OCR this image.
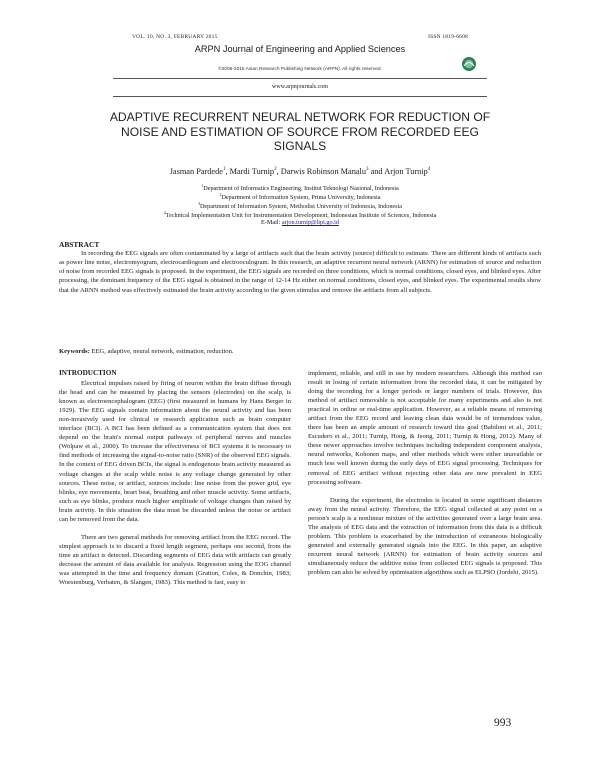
VOL. 10, NO. 3, FEBRUARY 2015	ISSN 1819-6608
ARPN Journal of Engineering and Applied Sciences
©2006-2015 Asian Research Publishing Network (ARPN). All rights reserved.
www.arpnjournals.com
ADAPTIVE RECURRENT NEURAL NETWORK FOR REDUCTION OF NOISE AND ESTIMATION OF SOURCE FROM RECORDED EEG SIGNALS
Jasman Pardede$^1$, Mardi Turnip$^2$, Darwis Robinson Manalu$^3$ and Arjon Turnip$^4$
$^1$Department of Informatics Engineering, Institut Teknologi Nasional, Indonesia
$^2$Department of Information System, Prima University, Indonesia
$^3$Department of Information System, Methodist University of Indonesia, Indonesia
$^4$Technical Implementation Unit for Instrumentation Development, Indonesian Institute of Sciences, Indonesia
E-Mail: arjon.turnip@lipi.go.id
ABSTRACT

In recording the EEG signals are often contaminated by a large of artifacts such that the brain activity (source) difficult to estimate. There are different kinds of artifacts such as power line noise, electromyogram, electrocardiogram and electrooculogram. In this research, an adaptive recurrent neural network (ARNN) for estimation of source and reduction of noise from recorded EEG signals is proposed. In the experiment, the EEG signals are recorded on three conditions, which is normal conditions, closed eyes, and blinked eyes. After processing, the dominant frequency of the EEG signal is obtained in the range of 12-14 Hz either on normal conditions, closed eyes, and blinked eyes. The experimental results show that the ARNN method was effectively estimated the brain activity according to the given stimulus and remove the artifacts from all subjects.

Keywords: EEG, adaptive, neural network, estimation, reduction.

INTRODUCTION

Electrical impulses raised by firing of neuron within the brain diffuse through the head and can be measured by placing the sensors (electrodes) on the scalp, is known as electroencephalogram (EEG) (first measured in humans by Hans Berger in 1929). The EEG signals contain information about the neural activity and has been non-invasively used for clinical or research application such as brain computer interface (BCI). A BCI has been defined as a communication system that does not depend on the brain's normal output pathways of peripheral nerves and muscles (Wolpaw et al., 2000). To increase the effectiveness of BCI systems it is necessary to find methods of increasing the signal-to-noise ratio (SNR) of the observed EEG signals. In the context of EEG driven BCIs, the signal is endogenous brain activity measured as voltage changes at the scalp while noise is any voltage change generated by other sources. These noise, or artifact, sources include: line noise from the power grid, eye blinks, eye movements, heart beat, breathing and other muscle activity. Some artifacts, such as eye blinks, produce much higher amplitude of voltage changes than raised by brain activity. In this situation the data must be discarded unless the noise or artifact can be removed from the data.

There are two general methods for removing artifact from the EEG record. The simplest approach is to discard a fixed length segment, perhaps one second, from the time an artifact is detected. Discarding segments of EEG data with artifacts can greatly decrease the amount of data available for analysis. Regression using the EOG channel was attempted in the time and frequency domain (Gratton, Coles, & Donchin, 1983; Woestenburg, Verbaten, & Slangen, 1983). This method is fast, easy to

implement, reliable, and still in use by modern researchers. Although this method can result in losing of certain information from the recorded data, it can be mitigated by doing the recording for a longer periods or larger numbers of trials. However, this method of artifact removable is not acceptable for many experiments and also is not practical in online or real-time application. However, as a reliable means of removing artifact from the EEG record and leaving clean data would be of tremendous value, there has been an ample amount of research toward this goal (Babiloni et al., 2011; Escudero et al., 2011; Turnip, Hong, & Jeong, 2011; Turnip & Hong, 2012). Many of these newer approaches involve techniques including independent component analysis, neural networks, Kohonen maps, and other methods which were either unavailable or much less well known during the early days of EEG signal processing. Techniques for removal of EEG artifact without rejecting other data are now prevalent in EEG processing software.

During the experiment, the electrodes is located in some significant distances away from the neural activity. Therefore, the EEG signal collected at any point on a person's scalp is a nonlinear mixture of the activities generated over a large brain area. The analysis of EEG data and the extraction of information from this data is a difficult problem. This problem is exacerbated by the introduction of extraneous biologically generated and externally generated signals into the EEG. In this paper, an adaptive recurrent neural network (ARNN) for estimation of brain activity sources and simultaneously reduce the additive noise from collected EEG signals is proposed. This problem can also be solved by optimisation algorithms such as ELPSO (Jordehi, 2015).

993
